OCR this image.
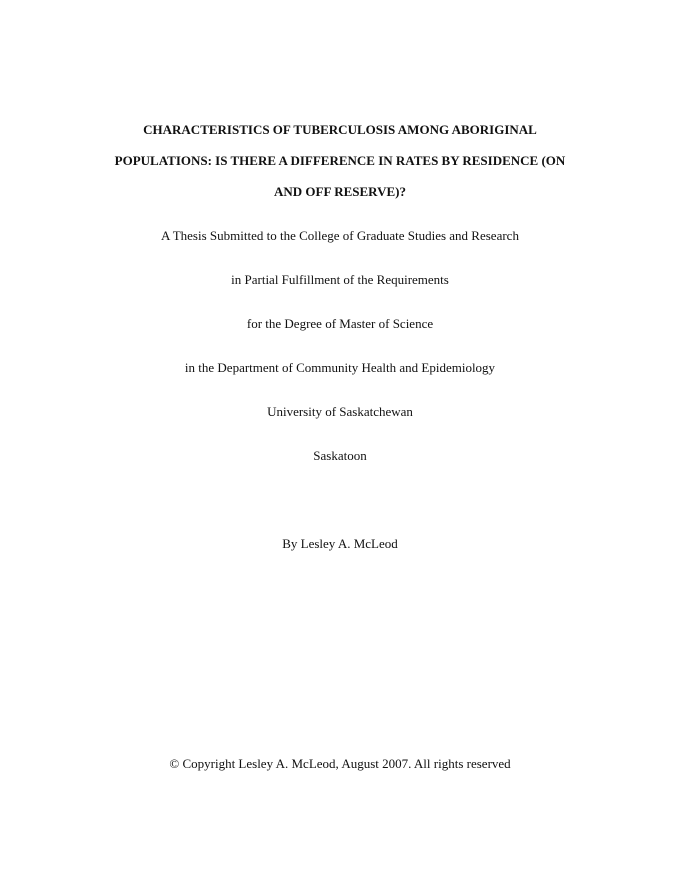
CHARACTERISTICS OF TUBERCULOSIS AMONG ABORIGINAL
POPULATIONS: IS THERE A DIFFERENCE IN RATES BY RESIDENCE (ON
AND OFF RESERVE)?
A Thesis Submitted to the College of Graduate Studies and Research
in Partial Fulfillment of the Requirements
for the Degree of Master of Science
in the Department of Community Health and Epidemiology
University of Saskatchewan
Saskatoon
By Lesley A. McLeod
© Copyright Lesley A. McLeod, August 2007. All rights reserved
